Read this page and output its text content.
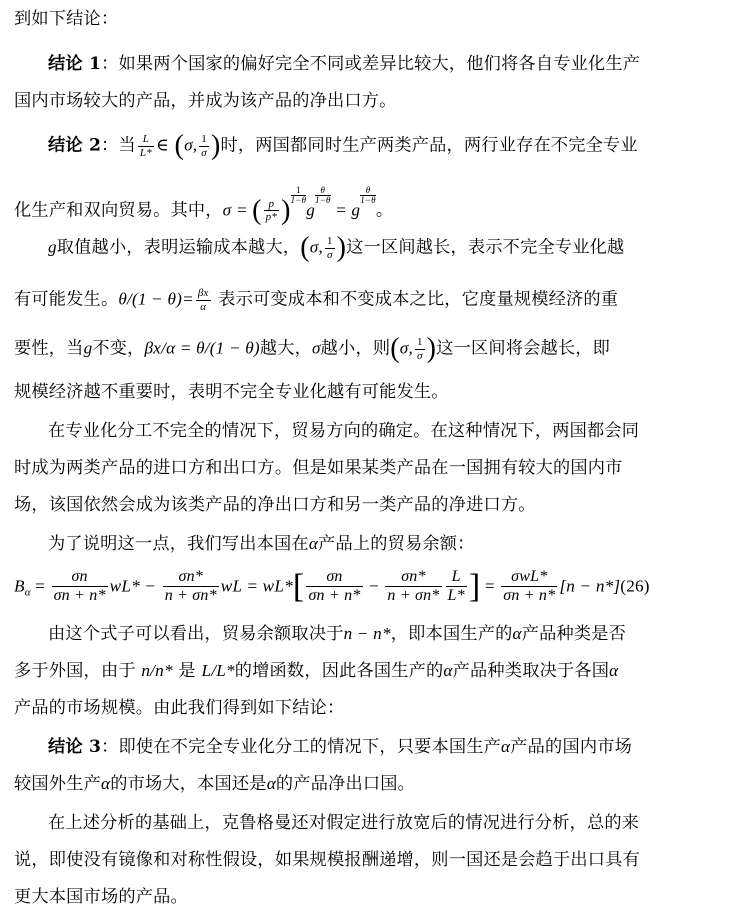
到如下结论：
结论 1：如果两个国家的偏好完全不同或差异比较大，他们将各自专业化生产
国内市场较大的产品，并成为该产品的净出口方。
结论 2：当 $\frac{L}{L*}$ ∈ (σ, $\frac{1}{\sigma}$ )时，两国都同时生产两类产品，两行业存在不完全专业
化生产和双向贸易。其中，σ = ( $\frac{p}{p*}$ ) $\frac{1}{1-\theta}$
g
$\frac{\theta}{1-\theta}$
= g
$\frac{\theta}{1-\theta}$
。
g取值越小，表明运输成本越大，(σ, $\frac{1}{\sigma}$ )这一区间越长，表示不完全专业化越
有可能发生。$\theta/(1 - \theta)= \frac{\beta x}{\alpha}$ 表示可变成本和不变成本之比，它度量规模经济的重
要性，当g不变，βx/α = θ/(1 − θ)越大，σ越小，则(σ, $\frac{1}{\sigma}$ )这一区间将会越长，即
规模经济越不重要时，表明不完全专业化越有可能发生。
在专业化分工不完全的情况下，贸易方向的确定。在这种情况下，两国都会同
时成为两类产品的进口方和出口方。但是如果某类产品在一国拥有较大的国内市
场，该国依然会成为该类产品的净出口方和另一类产品的净进口方。
为了说明这一点，我们写出本国在α产品上的贸易余额：
$B_\alpha = \frac{\sigma n}{\sigma n + n*} wL* - \frac{\sigma n*}{n + \sigma n*}$ wL = $wL*[ \frac{\sigma n}{\sigma n + n*} - \frac{\sigma n*}{n + \sigma n*} \frac{L}{L*}$ ] = $\frac{\text{σwL*}}{\sigma n + n*} [n - n*](26)$
由这个式子可以看出，贸易余额取决于n − n*，即本国生产的α产品种类是否
多于外国，由于 n/n* 是 L/L*的增函数，因此各国生产的α产品种类取决于各国α
产品的市场规模。由此我们得到如下结论：
结论 3：即使在不完全专业化分工的情况下，只要本国生产α产品的国内市场
较国外生产α的市场大，本国还是α的产品净出口国。
在上述分析的基础上，克鲁格曼还对假定进行放宽后的情况进行分析，总的来
说，即使没有镜像和对称性假设，如果规模报酬递增，则一国还是会趋于出口具有
更大本国市场的产品。
